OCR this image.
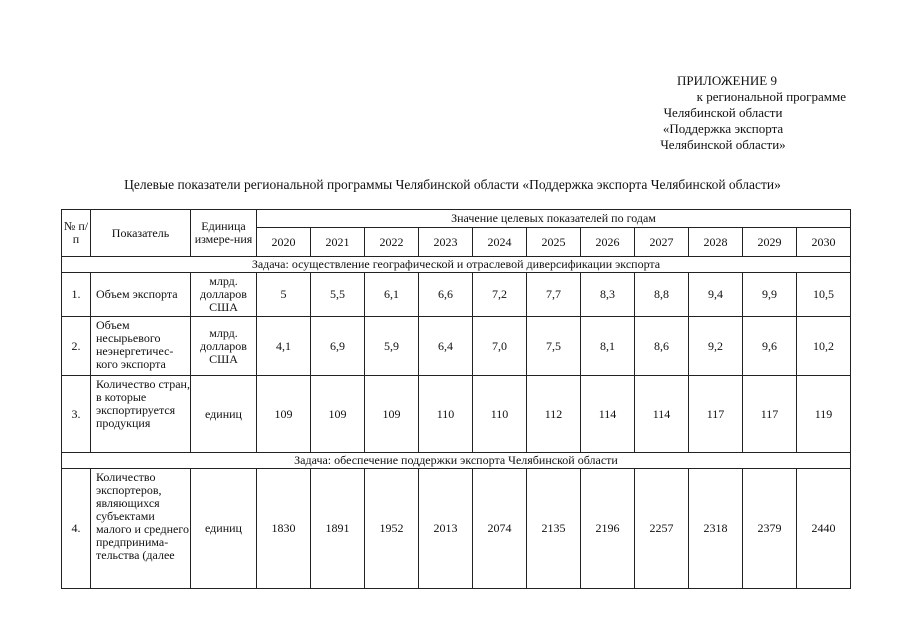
ПРИЛОЖЕНИЕ 9
к региональной программе
Челябинской области
«Поддержка экспорта
Челябинской области»
Целевые показатели региональной программы Челябинской области «Поддержка экспорта Челябинской области»
№ п/п	Показатель	Единица измере-ния	Значение целевых показателей по годам										
			2020	2021	2022	2023	2024	2025	2026	2027	2028	2029	2030
Задача: осуществление географической и отраслевой диверсификации экспорта													
1.	Объем экспорта	млрд. долларов США	5	5,5	6,1	6,6	7,2	7,7	8,3	8,8	9,4	9,9	10,5
2.	Объем несырьевого неэнергетичес-кого экспорта	млрд. долларов США	4,1	6,9	5,9	6,4	7,0	7,5	8,1	8,6	9,2	9,6	10,2
3.	Количество стран, в которые экспортируется продукция	единиц	109	109	109	110	110	112	114	114	117	117	119
Задача: обеспечение поддержки экспорта Челябинской области													
4.	Количество экспортеров, являющихся субъектами малого и среднего предпринима-тельства (далее	единиц	1830	1891	1952	2013	2074	2135	2196	2257	2318	2379	2440
